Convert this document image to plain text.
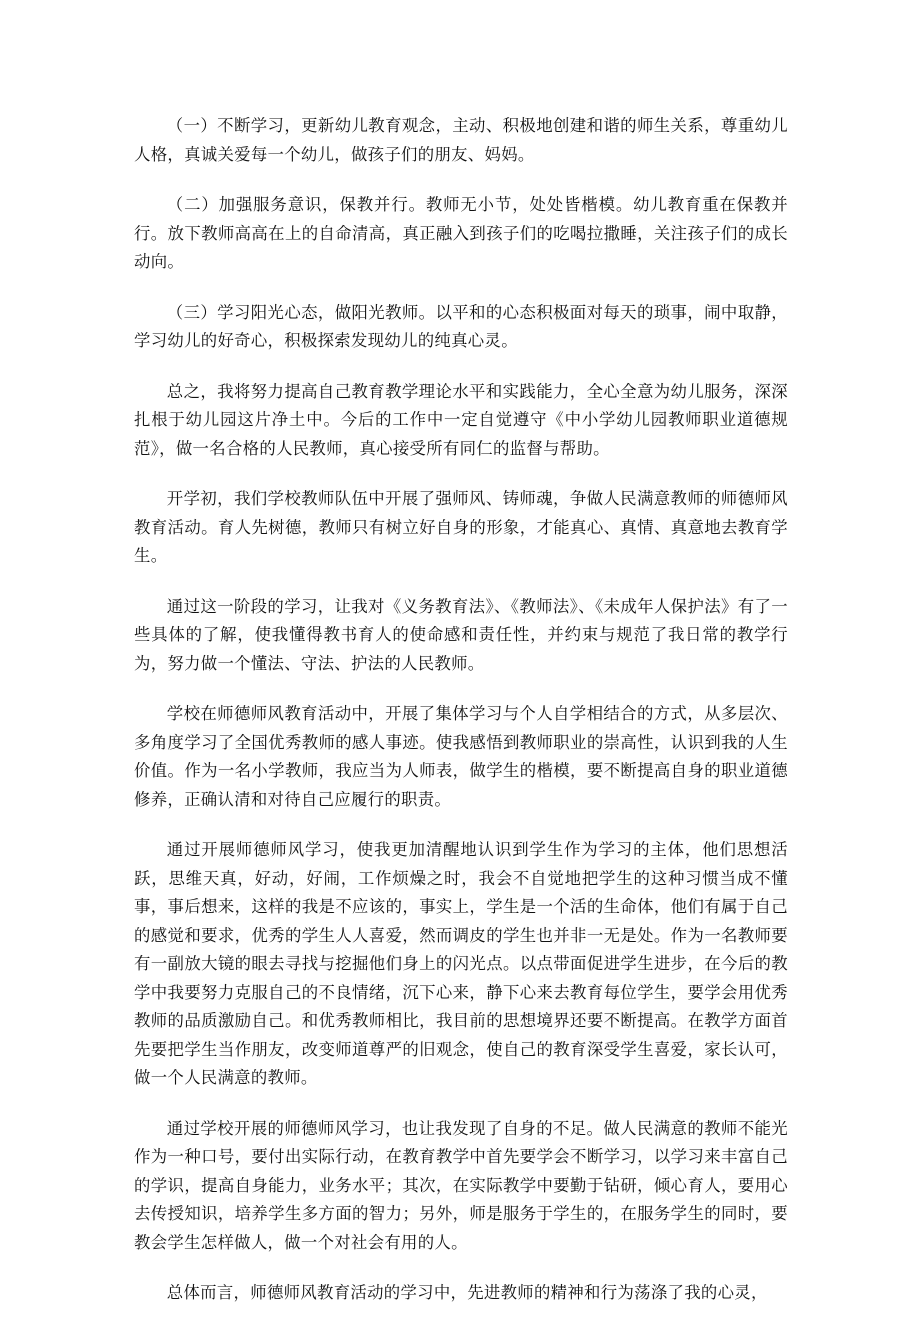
（一）不断学习，更新幼儿教育观念，主动、积极地创建和谐的师生关系，尊重幼儿人格，真诚关爱每一个幼儿，做孩子们的朋友、妈妈。

（二）加强服务意识，保教并行。教师无小节，处处皆楷模。幼儿教育重在保教并行。放下教师高高在上的自命清高，真正融入到孩子们的吃喝拉撒睡，关注孩子们的成长动向。

（三）学习阳光心态，做阳光教师。以平和的心态积极面对每天的琐事，闹中取静，学习幼儿的好奇心，积极探索发现幼儿的纯真心灵。

总之，我将努力提高自己教育教学理论水平和实践能力，全心全意为幼儿服务，深深扎根于幼儿园这片净土中。今后的工作中一定自觉遵守《中小学幼儿园教师职业道德规范》，做一名合格的人民教师，真心接受所有同仁的监督与帮助。

开学初，我们学校教师队伍中开展了强师风、铸师魂，争做人民满意教师的师德师风教育活动。育人先树德，教师只有树立好自身的形象，才能真心、真情、真意地去教育学生。

通过这一阶段的学习，让我对《义务教育法》、《教师法》、《未成年人保护法》有了一些具体的了解，使我懂得教书育人的使命感和责任性，并约束与规范了我日常的教学行为，努力做一个懂法、守法、护法的人民教师。

学校在师德师风教育活动中，开展了集体学习与个人自学相结合的方式，从多层次、多角度学习了全国优秀教师的感人事迹。使我感悟到教师职业的崇高性，认识到我的人生价值。作为一名小学教师，我应当为人师表，做学生的楷模，要不断提高自身的职业道德修养，正确认清和对待自己应履行的职责。

通过开展师德师风学习，使我更加清醒地认识到学生作为学习的主体，他们思想活跃，思维天真，好动，好闹，工作烦燥之时，我会不自觉地把学生的这种习惯当成不懂事，事后想来，这样的我是不应该的，事实上，学生是一个活的生命体，他们有属于自己的感觉和要求，优秀的学生人人喜爱，然而调皮的学生也并非一无是处。作为一名教师要有一副放大镜的眼去寻找与挖掘他们身上的闪光点。以点带面促进学生进步，在今后的教学中我要努力克服自己的不良情绪，沉下心来，静下心来去教育每位学生，要学会用优秀教师的品质激励自己。和优秀教师相比，我目前的思想境界还要不断提高。在教学方面首先要把学生当作朋友，改变师道尊严的旧观念，使自己的教育深受学生喜爱，家长认可，做一个人民满意的教师。

通过学校开展的师德师风学习，也让我发现了自身的不足。做人民满意的教师不能光作为一种口号，要付出实际行动，在教育教学中首先要学会不断学习，以学习来丰富自己的学识，提高自身能力，业务水平；其次，在实际教学中要勤于钻研，倾心育人，要用心去传授知识，培养学生多方面的智力；另外，师是服务于学生的，在服务学生的同时，要教会学生怎样做人，做一个对社会有用的人。

总体而言，师德师风教育活动的学习中，先进教师的精神和行为荡涤了我的心灵，
